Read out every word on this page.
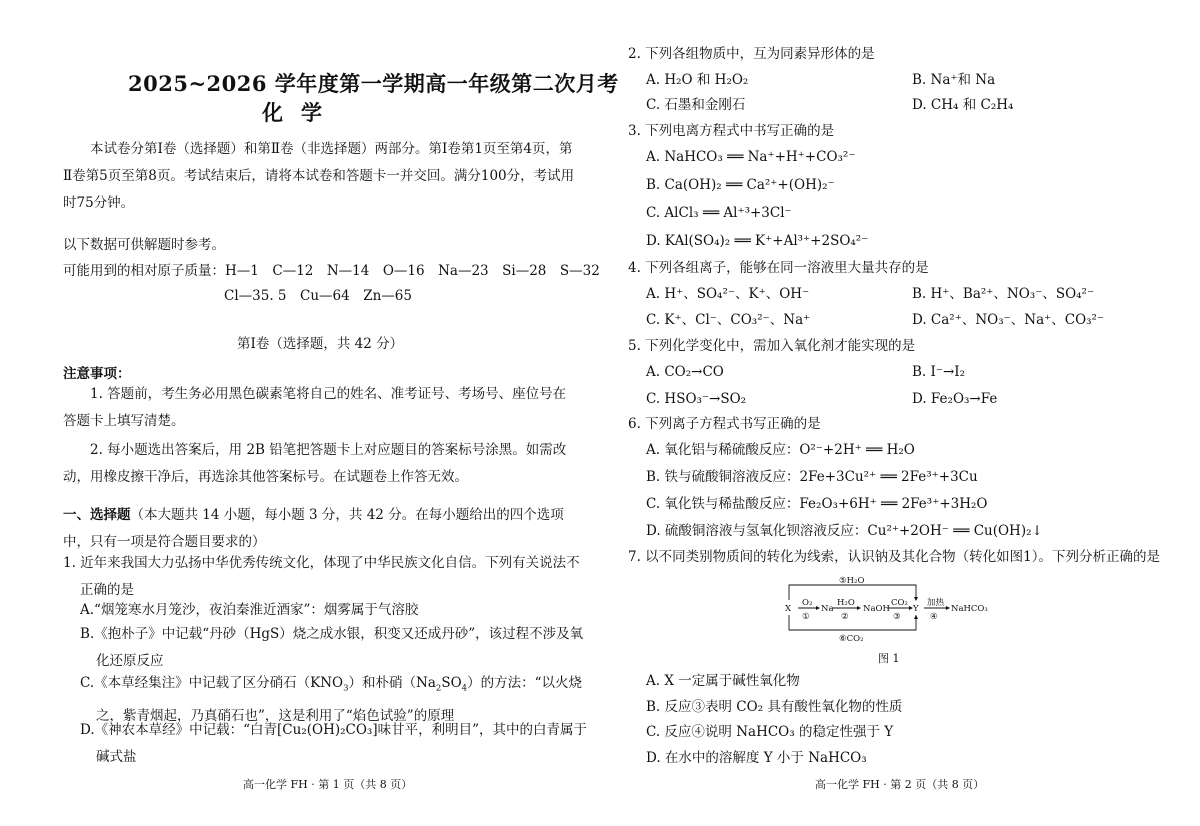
2025~2026 学年度第一学期高一年级第二次月考
化学
本试卷分第Ⅰ卷（选择题）和第Ⅱ卷（非选择题）两部分。第Ⅰ卷第1页至第4页，第Ⅱ卷第5页至第8页。考试结束后，请将本试卷和答题卡一并交回。满分100分，考试用时75分钟。
以下数据可供解题时参考。
可能用到的相对原子质量：H—1　C—12　N—14　O—16　Na—23　Si—28　S—32
Cl—35. 5　Cu—64　Zn—65
第Ⅰ卷（选择题，共 42 分）
注意事项：
1. 答题前，考生务必用黑色碳素笔将自己的姓名、准考证号、考场号、座位号在答题卡上填写清楚。
2. 每小题选出答案后，用 2B 铅笔把答题卡上对应题目的答案标号涂黑。如需改动，用橡皮擦干净后，再选涂其他答案标号。在试题卷上作答无效。
一、选择题（本大题共 14 小题，每小题 3 分，共 42 分。在每小题给出的四个选项中，只有一项是符合题目要求的）
1. 近年来我国大力弘扬中华优秀传统文化，体现了中华民族文化自信。下列有关说法不正确的是
A.“烟笼寒水月笼沙，夜泊秦淮近酒家”：烟雾属于气溶胶
B.《抱朴子》中记载“丹砂（HgS）烧之成水银，积变又还成丹砂”，该过程不涉及氧化还原反应
C.《本草经集注》中记载了区分硝石$(KNO_3)$和朴硝$(Na_2SO_4)$的方法：“以火烧之，紫青烟起，乃真硝石也”，这是利用了“焰色试验”的原理
D.《神农本草经》中记载：“白青[Cu₂(OH)₂CO₃]味甘平，利明目”，其中的白青属于碱式盐
高一化学 FH · 第 1 页（共 8 页）
2. 下列各组物质中，互为同素异形体的是
A. H₂O 和 H₂O₂	B. Na⁺和 Na
C. 石墨和金刚石	D. CH₄ 和 C₂H₄
3. 下列电离方程式中书写正确的是
A. NaHCO₃ ══ Na⁺+H⁺+CO₃²⁻
B. Ca(OH)₂ ══ Ca²⁺+(OH)₂⁻
C. AlCl₃ ══ Al⁺³+3Cl⁻
D. KAl(SO₄)₂ ══ K⁺+Al³⁺+2SO₄²⁻
4. 下列各组离子，能够在同一溶液里大量共存的是
A. H⁺、SO₄²⁻、K⁺、OH⁻	B. H⁺、Ba²⁺、NO₃⁻、SO₄²⁻
C. K⁺、Cl⁻、CO₃²⁻、Na⁺	D. Ca²⁺、NO₃⁻、Na⁺、CO₃²⁻
5. 下列化学变化中，需加入氧化剂才能实现的是
A. CO₂→CO	B. I⁻→I₂
C. HSO₃⁻→SO₂	D. Fe₂O₃→Fe
6. 下列离子方程式书写正确的是
A. 氧化铝与稀硫酸反应：O²⁻+2H⁺ ══ H₂O
B. 铁与硫酸铜溶液反应：2Fe+3Cu²⁺ ══ 2Fe³⁺+3Cu
C. 氧化铁与稀盐酸反应：Fe₂O₃+6H⁺ ══ 2Fe³⁺+3H₂O
D. 硫酸铜溶液与氢氧化钡溶液反应：Cu²⁺+2OH⁻ ══ Cu(OH)₂↓
7. 以不同类别物质间的转化为线索，认识钠及其化合物（转化如图1）。下列分析正确的是
⑤H₂O
X	Na	NaOH	Y	NaHCO₃
O₂
①
H₂O
②
CO₂
③
加热
④
⑥CO₂
图 1
A. X 一定属于碱性氧化物
B. 反应③表明 CO₂ 具有酸性氧化物的性质
C. 反应④说明 NaHCO₃ 的稳定性强于 Y
D. 在水中的溶解度 Y 小于 NaHCO₃
高一化学 FH · 第 2 页（共 8 页）
